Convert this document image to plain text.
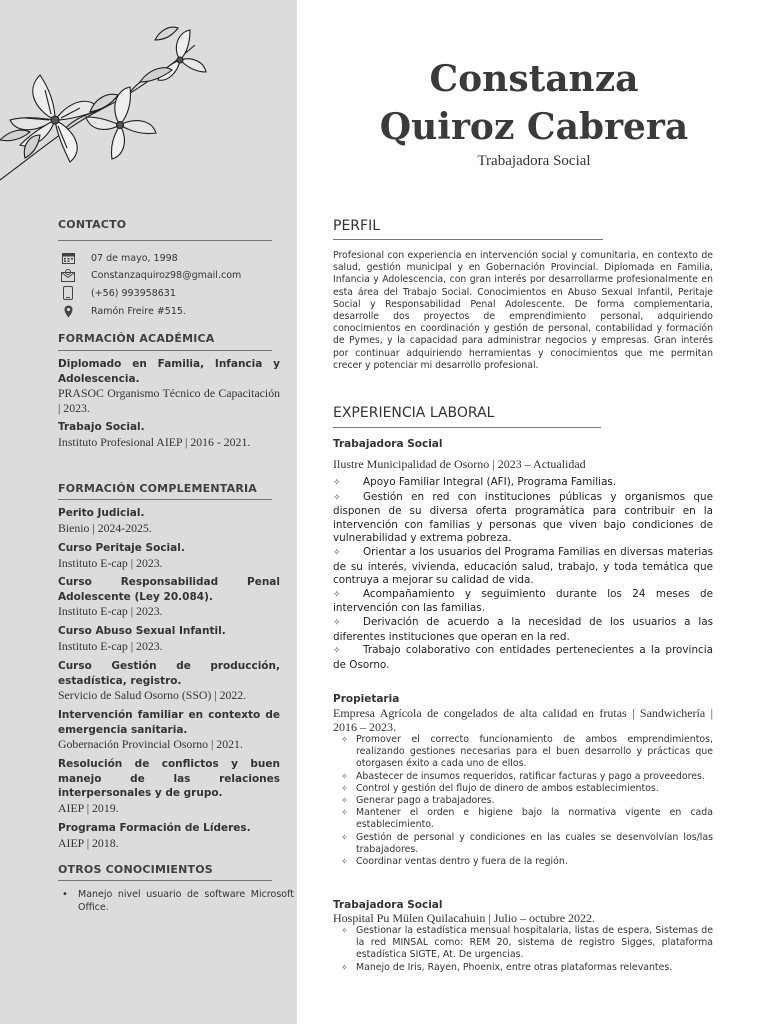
CONTACTO
07 de mayo, 1998
Constanzaquiroz98@gmail.com
(+56) 993958631
Ramón Freire #515.
FORMACIÓN ACADÉMICA
Diplomado en Familia, Infancia y Adolescencia.
PRASOC Organismo Técnico de Capacitación | 2023.
Trabajo Social.
Instituto Profesional AIEP | 2016 - 2021.
FORMACIÓN COMPLEMENTARIA
Perito Judicial.
Bienio | 2024-2025.
Curso Peritaje Social.
Instituto E-cap | 2023.
Curso Responsabilidad Penal Adolescente (Ley 20.084).
Instituto E-cap | 2023.
Curso Abuso Sexual Infantil.
Instituto E-cap | 2023.
Curso Gestión de producción, estadística, registro.
Servicio de Salud Osorno (SSO) | 2022.
Intervención familiar en contexto de emergencia sanitaria.
Gobernación Provincial Osorno | 2021.
Resolución de conflictos y buen manejo de las relaciones interpersonales y de grupo.
AIEP | 2019.
Programa Formación de Líderes.
AIEP | 2018.
OTROS CONOCIMIENTOS
• Manejo nivel usuario de software Microsoft Office.
Constanza
Quiroz Cabrera
Trabajadora Social
PERFIL
Profesional con experiencia en intervención social y comunitaria, en contexto de salud, gestión municipal y en Gobernación Provincial. Diplomada en Familia, Infancia y Adolescencia, con gran interés por desarrollarme profesionalmente en esta área del Trabajo Social. Conocimientos en Abuso Sexual Infantil, Peritaje Social y Responsabilidad Penal Adolescente. De forma complementaria, desarrolle dos proyectos de emprendimiento personal, adquiriendo conocimientos en coordinación y gestión de personal, contabilidad y formación de Pymes, y la capacidad para administrar negocios y empresas. Gran interés por continuar adquiriendo herramientas y conocimientos que me permitan crecer y potenciar mi desarrollo profesional.
EXPERIENCIA LABORAL
Trabajadora Social
Ilustre Municipalidad de Osorno | 2023 – Actualidad

✧ Apoyo Familiar Integral (AFI), Programa Familias.

✧ Gestión en red con instituciones públicas y organismos que disponen de su diversa oferta programática para contribuir en la intervención con familias y personas que viven bajo condiciones de vulnerabilidad y extrema pobreza.

✧ Orientar a los usuarios del Programa Familias en diversas materias de su interés, vivienda, educación salud, trabajo, y toda temática que contruya a mejorar su calidad de vida.

✧ Acompañamiento y seguimiento durante los 24 meses de intervención con las familias.

✧ Derivación de acuerdo a la necesidad de los usuarios a las diferentes instituciones que operan en la red.

✧ Trabajo colaborativo con entidades pertenecientes a la provincia de Osorno.

Propietaria
Empresa Agrícola de congelados de alta calidad en frutas | Sandwichería | 2016 – 2023.
✧ Promover el correcto funcionamiento de ambos emprendimientos, realizando gestiones necesarias para el buen desarrollo y prácticas que otorgasen éxito a cada uno de ellos.
✧ Abastecer de insumos requeridos, ratificar facturas y pago a proveedores.
✧ Control y gestión del flujo de dinero de ambos establecimientos.
✧ Generar pago a trabajadores.
✧ Mantener el orden e higiene bajo la normativa vigente en cada establecimiento.
✧ Gestión de personal y condiciones en las cuales se desenvolvían los/las trabajadores.
✧ Coordinar ventas dentro y fuera de la región.
Trabajadora Social
Hospital Pu Mülen Quilacahuin | Julio – octubre 2022.
✧ Gestionar la estadística mensual hospitalaria, listas de espera, Sistemas de la red MINSAL como: REM 20, sistema de registro Sigges, plataforma estadística SIGTE, At. De urgencias.
✧ Manejo de Iris, Rayen, Phoenix, entre otras plataformas relevantes.
